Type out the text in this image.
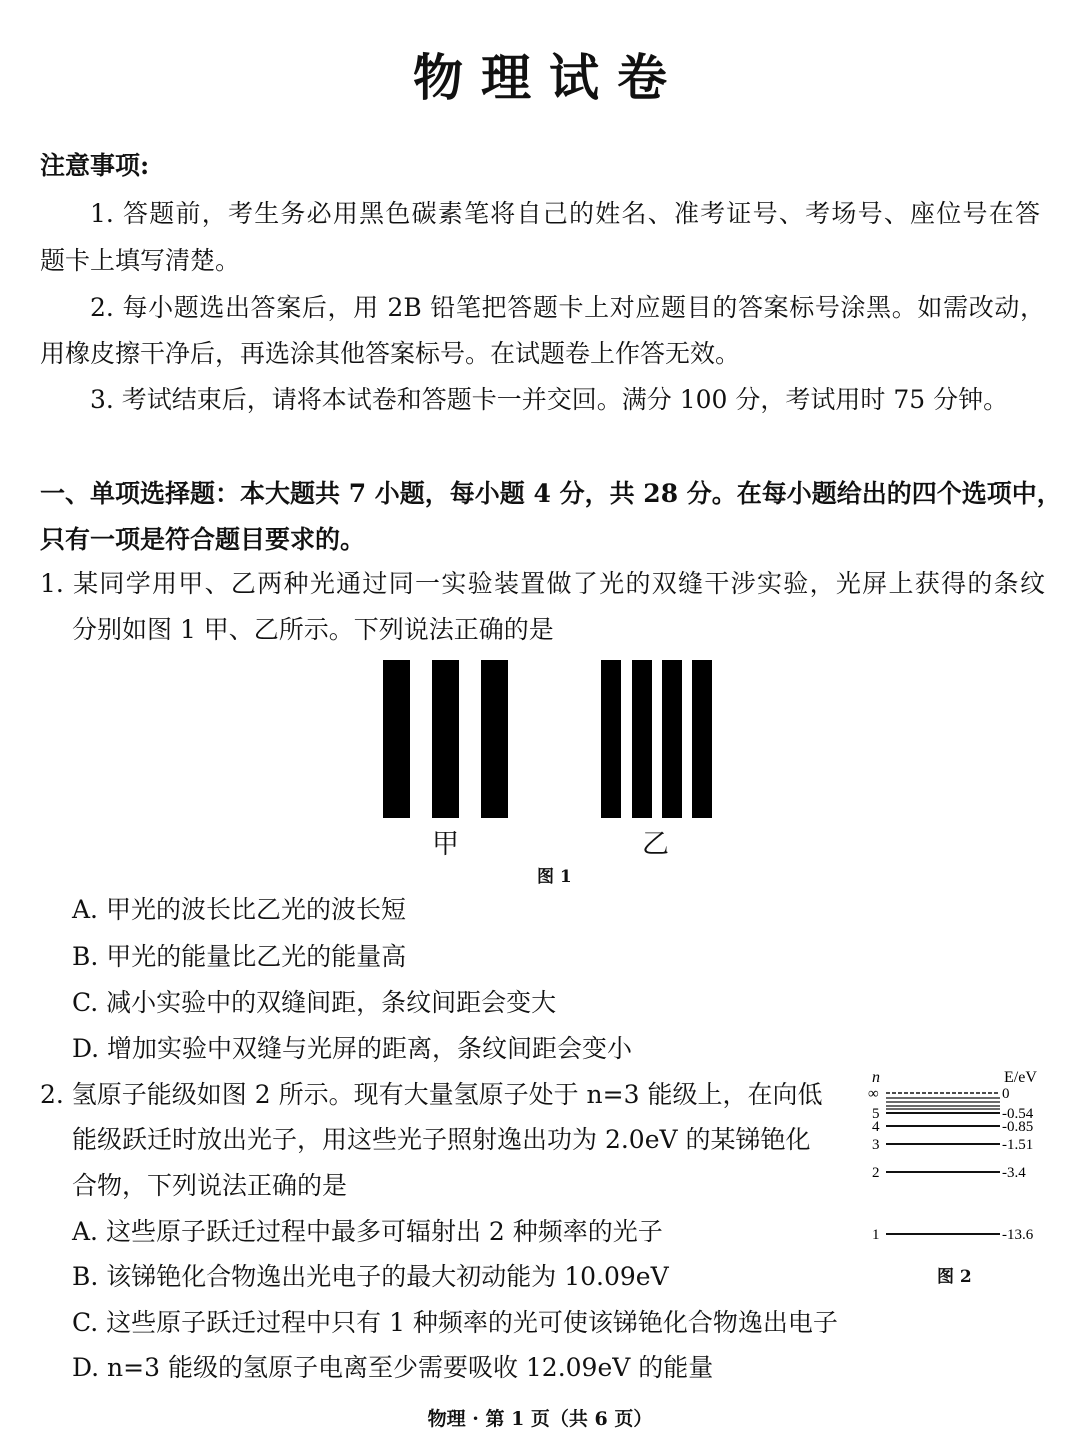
物理试卷
注意事项:
1. 答题前，考生务必用黑色碳素笔将自己的姓名、准考证号、考场号、座位号在答
题卡上填写清楚。
2. 每小题选出答案后，用 2B 铅笔把答题卡上对应题目的答案标号涂黑。如需改动，
用橡皮擦干净后，再选涂其他答案标号。在试题卷上作答无效。
3. 考试结束后，请将本试卷和答题卡一并交回。满分 100 分，考试用时 75 分钟。
一、单项选择题：本大题共 7 小题，每小题 4 分，共 28 分。在每小题给出的四个选项中，
只有一项是符合题目要求的。
1. 某同学用甲、乙两种光通过同一实验装置做了光的双缝干涉实验，光屏上获得的条纹
分别如图 1 甲、乙所示。下列说法正确的是
甲	乙
图 1
A. 甲光的波长比乙光的波长短
B. 甲光的能量比乙光的能量高
C. 减小实验中的双缝间距，条纹间距会变大
D. 增加实验中双缝与光屏的距离，条纹间距会变小
2. 氢原子能级如图 2 所示。现有大量氢原子处于 n=3 能级上，在向低
能级跃迁时放出光子，用这些光子照射逸出功为 2.0eV 的某锑铯化
合物，下列说法正确的是
A. 这些原子跃迁过程中最多可辐射出 2 种频率的光子
B. 该锑铯化合物逸出光电子的最大初动能为 10.09eV
C. 这些原子跃迁过程中只有 1 种频率的光可使该锑铯化合物逸出电子
D. n=3 能级的氢原子电离至少需要吸收 12.09eV 的能量
n	E/eV
∞	0
5	-0.54
4	-0.85
3	-1.51
2	-3.4
1	-13.6
图 2
物理 · 第 1 页（共 6 页）
